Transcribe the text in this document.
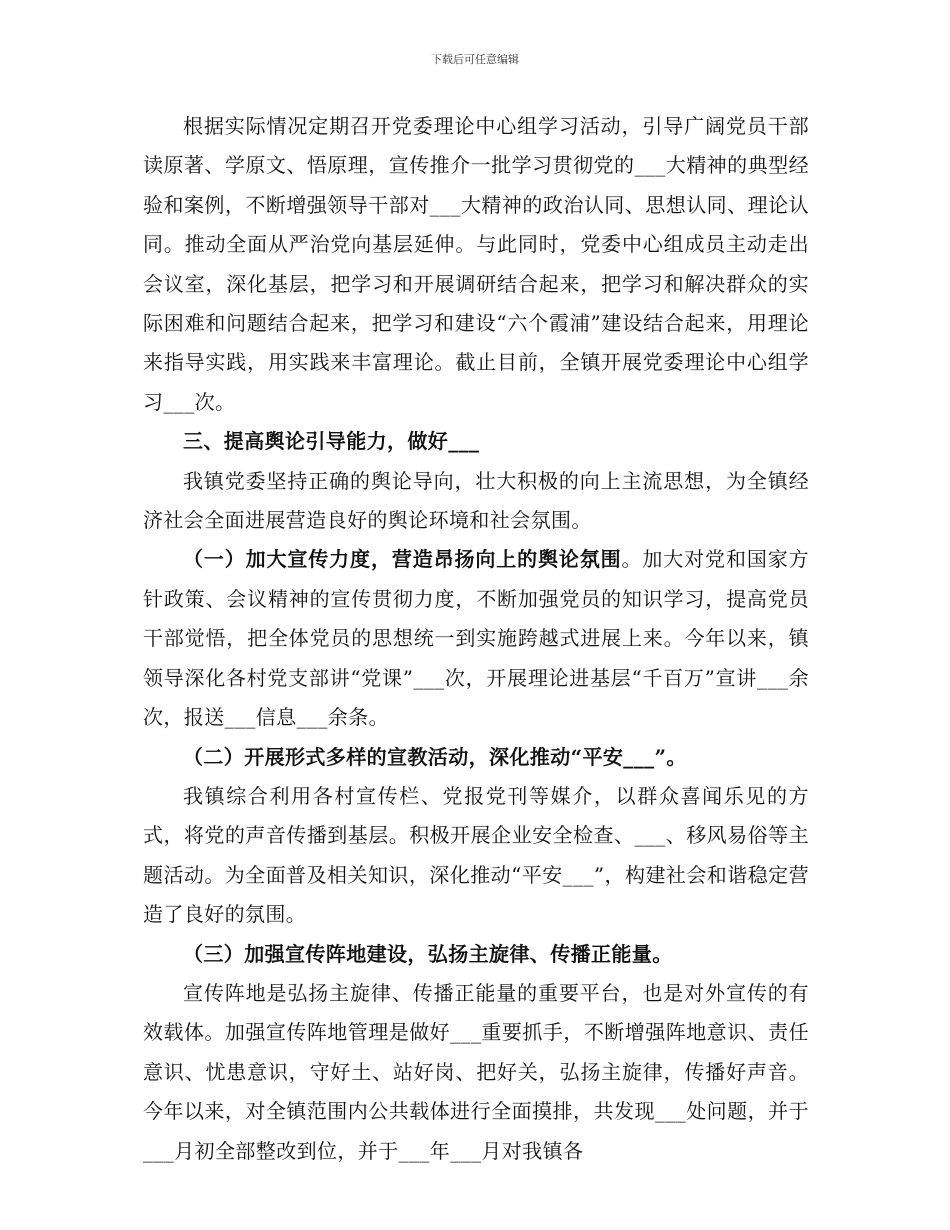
下载后可任意编辑

根据实际情况定期召开党委理论中心组学习活动，引导广阔党员干部读原著、学原文、悟原理，宣传推介一批学习贯彻党的___大精神的典型经验和案例，不断增强领导干部对___大精神的政治认同、思想认同、理论认同。推动全面从严治党向基层延伸。与此同时，党委中心组成员主动走出会议室，深化基层，把学习和开展调研结合起来，把学习和解决群众的实际困难和问题结合起来，把学习和建设“六个霞浦”建设结合起来，用理论来指导实践，用实践来丰富理论。截止目前，全镇开展党委理论中心组学习___次。

三、提高舆论引导能力，做好___

我镇党委坚持正确的舆论导向，壮大积极的向上主流思想，为全镇经济社会全面进展营造良好的舆论环境和社会氛围。

（一）加大宣传力度，营造昂扬向上的舆论氛围。加大对党和国家方针政策、会议精神的宣传贯彻力度，不断加强党员的知识学习，提高党员干部觉悟，把全体党员的思想统一到实施跨越式进展上来。今年以来，镇领导深化各村党支部讲“党课”___次，开展理论进基层“千百万”宣讲___余次，报送___信息___余条。

（二）开展形式多样的宣教活动，深化推动“平安___”。

我镇综合利用各村宣传栏、党报党刊等媒介，以群众喜闻乐见的方式，将党的声音传播到基层。积极开展企业安全检查、___、移风易俗等主题活动。为全面普及相关知识，深化推动“平安___”，构建社会和谐稳定营造了良好的氛围。

（三）加强宣传阵地建设，弘扬主旋律、传播正能量。

宣传阵地是弘扬主旋律、传播正能量的重要平台，也是对外宣传的有效载体。加强宣传阵地管理是做好___重要抓手，不断增强阵地意识、责任意识、忧患意识，守好土、站好岗、把好关，弘扬主旋律，传播好声音。今年以来，对全镇范围内公共载体进行全面摸排，共发现___处问题，并于___月初全部整改到位，并于___年___月对我镇各
